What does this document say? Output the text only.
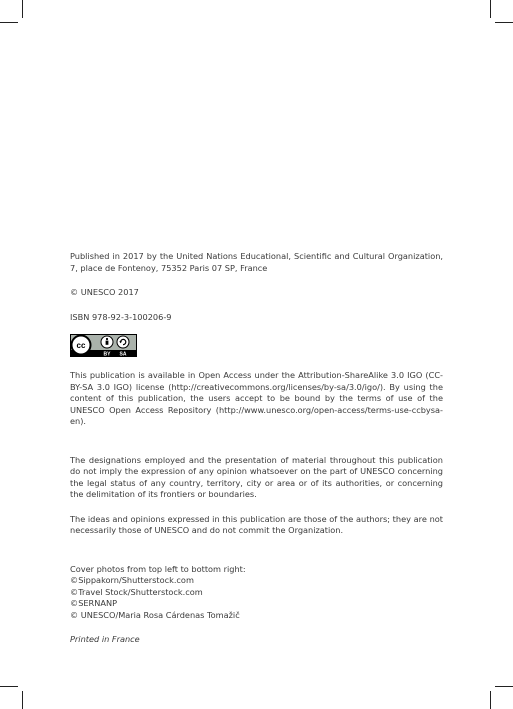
Published in 2017 by the United Nations Educational, Scientific and Cultural Organization, 7, place de Fontenoy, 75352 Paris 07 SP, France

© UNESCO 2017

ISBN 978-92-3-100206-9

cc
BY SA

This publication is available in Open Access under the Attribution-ShareAlike 3.0 IGO (CC-BY-SA 3.0 IGO) license (http://creativecommons.org/licenses/by-sa/3.0/igo/). By using the content of this publication, the users accept to be bound by the terms of use of the UNESCO Open Access Repository (http://www.unesco.org/open-access/terms-use-ccbysa-en).

The designations employed and the presentation of material throughout this publication do not imply the expression of any opinion whatsoever on the part of UNESCO concerning the legal status of any country, territory, city or area or of its authorities, or concerning the delimitation of its frontiers or boundaries.

The ideas and opinions expressed in this publication are those of the authors; they are not necessarily those of UNESCO and do not commit the Organization.

Cover photos from top left to bottom right:
©Sippakorn/Shutterstock.com
©Travel Stock/Shutterstock.com
©SERNANP
© UNESCO/Maria Rosa Cárdenas Tomažič

Printed in France
